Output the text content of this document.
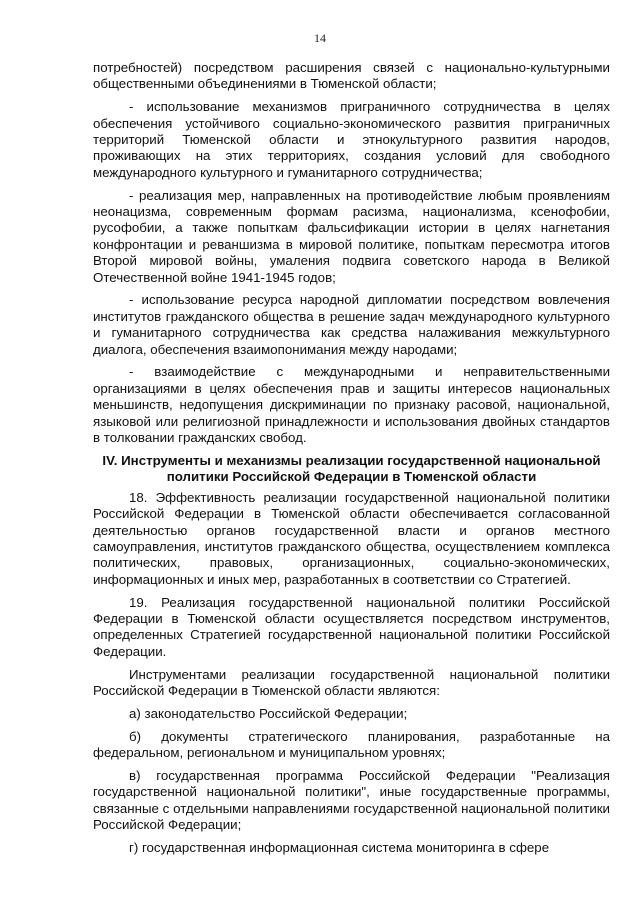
14

потребностей) посредством расширения связей с национально-культурными общественными объединениями в Тюменской области;

- использование механизмов приграничного сотрудничества в целях обеспечения устойчивого социально-экономического развития приграничных территорий Тюменской области и этнокультурного развития народов, проживающих на этих территориях, создания условий для свободного международного культурного и гуманитарного сотрудничества;

- реализация мер, направленных на противодействие любым проявлениям неонацизма, современным формам расизма, национализма, ксенофобии, русофобии, а также попыткам фальсификации истории в целях нагнетания конфронтации и реваншизма в мировой политике, попыткам пересмотра итогов Второй мировой войны, умаления подвига советского народа в Великой Отечественной войне 1941-1945 годов;

- использование ресурса народной дипломатии посредством вовлечения институтов гражданского общества в решение задач международного культурного и гуманитарного сотрудничества как средства налаживания межкультурного диалога, обеспечения взаимопонимания между народами;

- взаимодействие с международными и неправительственными организациями в целях обеспечения прав и защиты интересов национальных меньшинств, недопущения дискриминации по признаку расовой, национальной, языковой или религиозной принадлежности и использования двойных стандартов в толковании гражданских свобод.

IV. Инструменты и механизмы реализации государственной национальной политики Российской Федерации в Тюменской области

18. Эффективность реализации государственной национальной политики Российской Федерации в Тюменской области обеспечивается согласованной деятельностью органов государственной власти и органов местного самоуправления, институтов гражданского общества, осуществлением комплекса политических, правовых, организационных, социально-экономических, информационных и иных мер, разработанных в соответствии со Стратегией.

19. Реализация государственной национальной политики Российской Федерации в Тюменской области осуществляется посредством инструментов, определенных Стратегией государственной национальной политики Российской Федерации.

Инструментами реализации государственной национальной политики Российской Федерации в Тюменской области являются:

а) законодательство Российской Федерации;

б) документы стратегического планирования, разработанные на федеральном, региональном и муниципальном уровнях;

в) государственная программа Российской Федерации "Реализация государственной национальной политики", иные государственные программы, связанные с отдельными направлениями государственной национальной политики Российской Федерации;

г) государственная информационная система мониторинга в сфере
